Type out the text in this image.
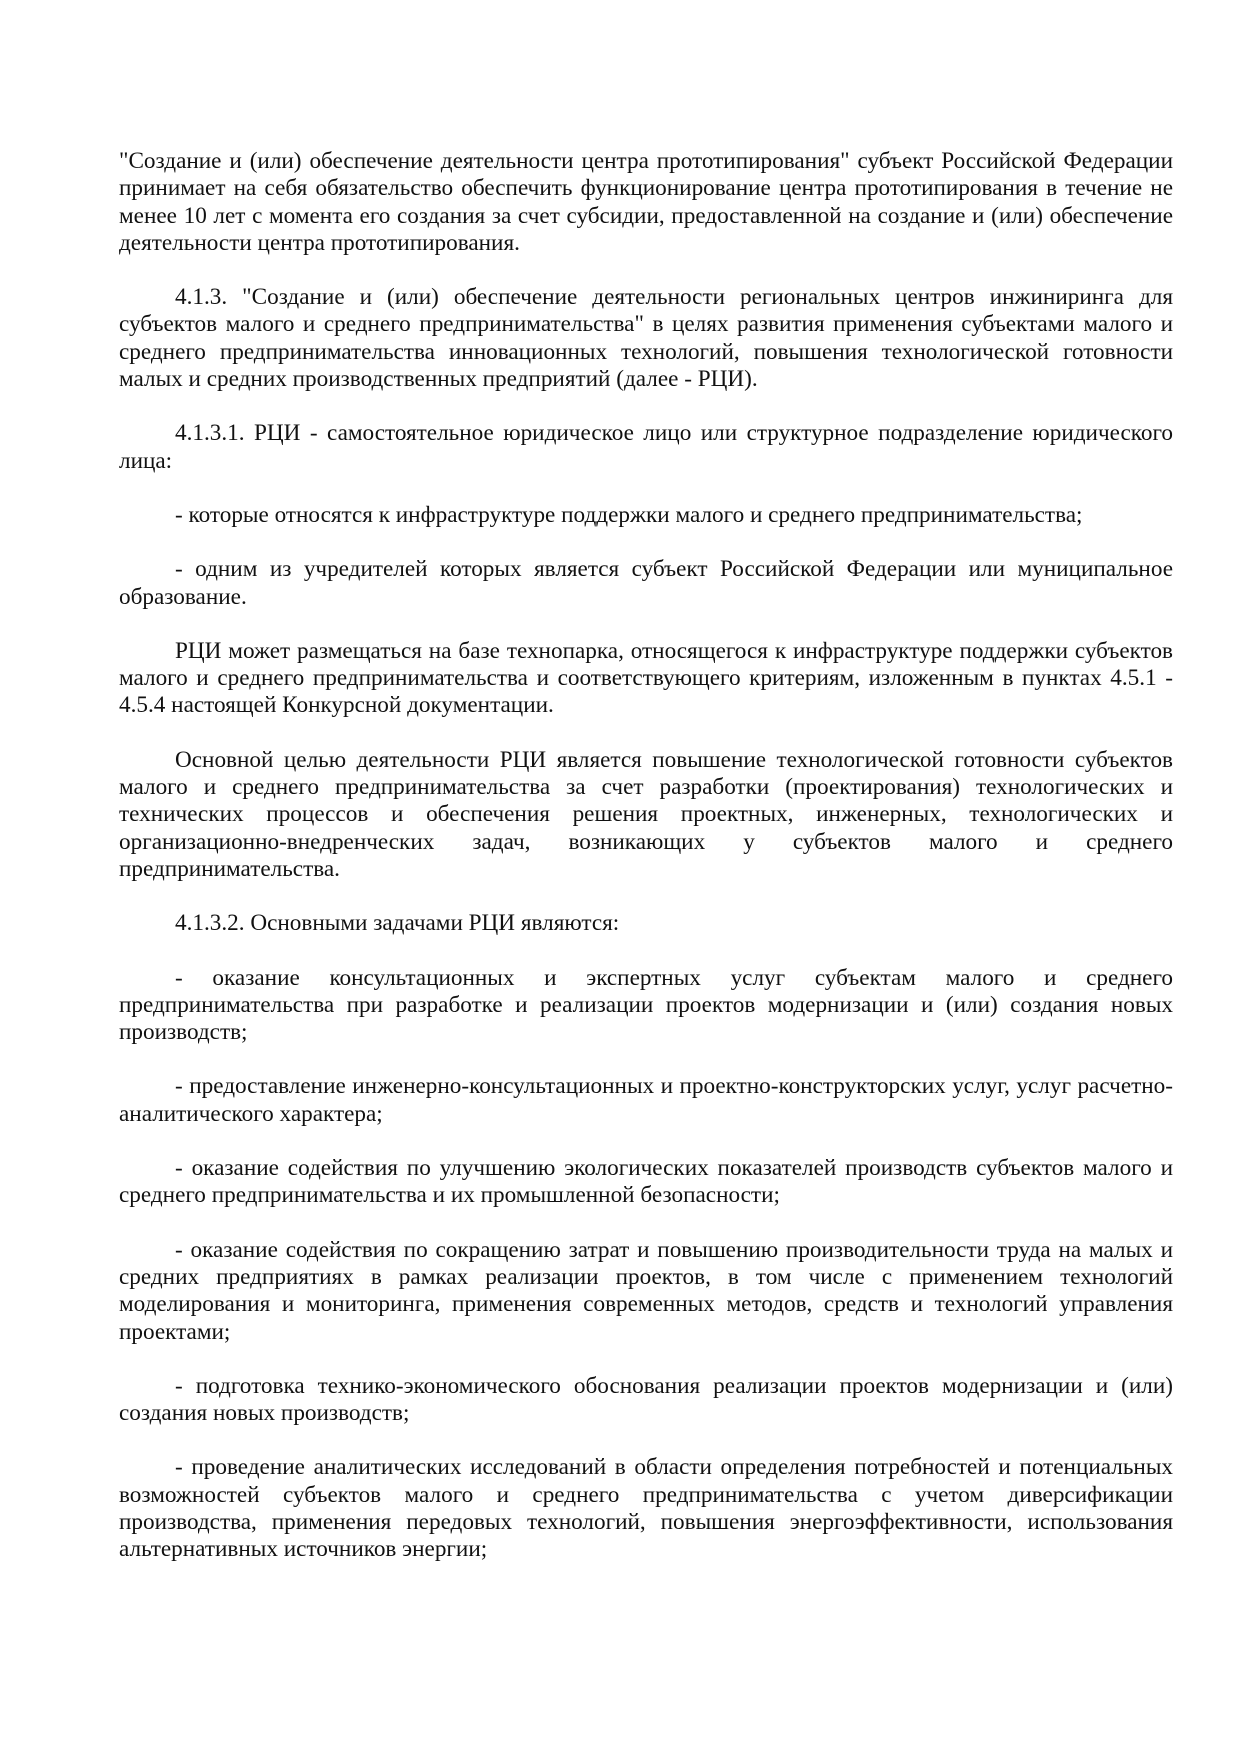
"Создание и (или) обеспечение деятельности центра прототипирования" субъект Российской Федерации принимает на себя обязательство обеспечить функционирование центра прототипирования в течение не менее 10 лет с момента его создания за счет субсидии, предоставленной на создание и (или) обеспечение деятельности центра прототипирования.

4.1.3. "Создание и (или) обеспечение деятельности региональных центров инжиниринга для субъектов малого и среднего предпринимательства" в целях развития применения субъектами малого и среднего предпринимательства инновационных технологий, повышения технологической готовности малых и средних производственных предприятий (далее - РЦИ).

4.1.3.1. РЦИ - самостоятельное юридическое лицо или структурное подразделение юридического лица:

- которые относятся к инфраструктуре поддержки малого и среднего предпринимательства;

- одним из учредителей которых является субъект Российской Федерации или муниципальное образование.

РЦИ может размещаться на базе технопарка, относящегося к инфраструктуре поддержки субъектов малого и среднего предпринимательства и соответствующего критериям, изложенным в пунктах 4.5.1 - 4.5.4 настоящей Конкурсной документации.

Основной целью деятельности РЦИ является повышение технологической готовности субъектов малого и среднего предпринимательства за счет разработки (проектирования) технологических и технических процессов и обеспечения решения проектных, инженерных, технологических и организационно-внедренческих задач, возникающих у субъектов малого и среднего предпринимательства.

4.1.3.2. Основными задачами РЦИ являются:

- оказание консультационных и экспертных услуг субъектам малого и среднего предпринимательства при разработке и реализации проектов модернизации и (или) создания новых производств;

- предоставление инженерно-консультационных и проектно-конструкторских услуг, услуг расчетно-аналитического характера;

- оказание содействия по улучшению экологических показателей производств субъектов малого и среднего предпринимательства и их промышленной безопасности;

- оказание содействия по сокращению затрат и повышению производительности труда на малых и средних предприятиях в рамках реализации проектов, в том числе с применением технологий моделирования и мониторинга, применения современных методов, средств и технологий управления проектами;

- подготовка технико-экономического обоснования реализации проектов модернизации и (или) создания новых производств;

- проведение аналитических исследований в области определения потребностей и потенциальных возможностей субъектов малого и среднего предпринимательства с учетом диверсификации производства, применения передовых технологий, повышения энергоэффективности, использования альтернативных источников энергии;
